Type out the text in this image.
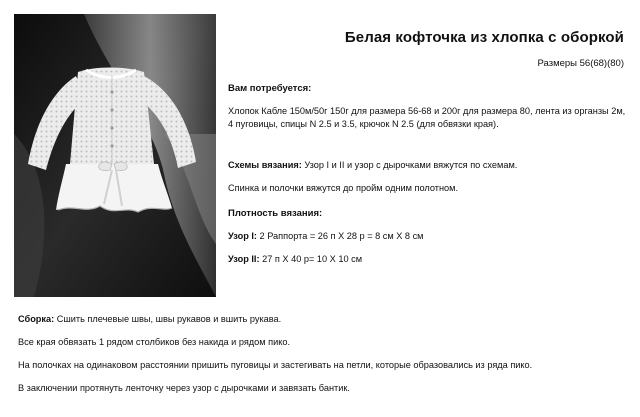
Белая кофточка из хлопка с оборкой
Размеры 56(68)(80)

Вам потребуется:

Хлопок Кабле 150м/50г 150г для размера 56-68 и 200г для размера 80, лента из органзы 2м, 4 пуговицы, спицы N 2.5 и 3.5, крючок N 2.5 (для обвязки края).

Схемы вязания: Узор I и II и узор с дырочками вяжутся по схемам.

Спинка и полочки вяжутся до пройм одним полотном.

Плотность вязания:

Узор I: 2 Раппорта = 26 п X 28 р = 8 см X 8 см

Узор II: 27 п X 40 р= 10 X 10 см

Сборка: Сшить плечевые швы, швы рукавов и вшить рукава.

Все края обвязать 1 рядом столбиков без накида и рядом пико.

На полочках на одинаковом расстоянии пришить пуговицы и застегивать на петли, которые образовались из ряда пико.

В заключении протянуть ленточку через узор с дырочками и завязать бантик.
